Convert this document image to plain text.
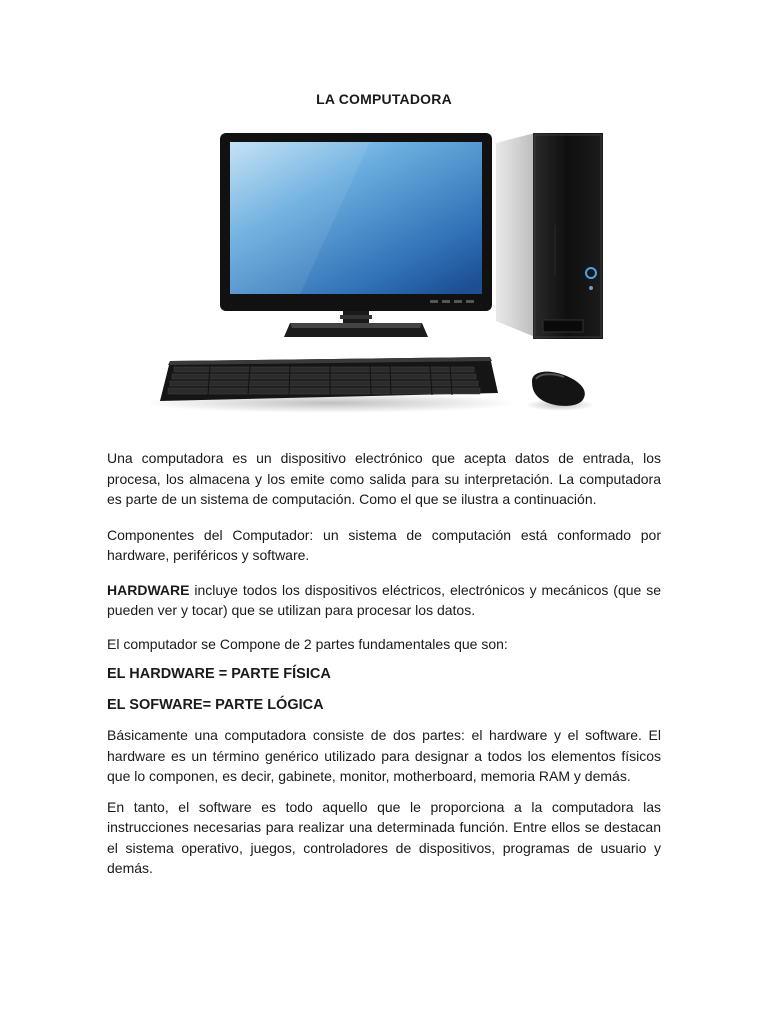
LA COMPUTADORA

Una computadora es un dispositivo electrónico que acepta datos de entrada, los procesa, los almacena y los emite como salida para su interpretación. La computadora es parte de un sistema de computación. Como el que se ilustra a continuación.

Componentes del Computador: un sistema de computación está conformado por hardware, periféricos y software.

HARDWARE incluye todos los dispositivos eléctricos, electrónicos y mecánicos (que se pueden ver y tocar) que se utilizan para procesar los datos.

El computador se Compone de 2 partes fundamentales que son:

EL HARDWARE = PARTE FÍSICA

EL SOFWARE= PARTE LÓGICA

Básicamente una computadora consiste de dos partes: el hardware y el software. El hardware es un término genérico utilizado para designar a todos los elementos físicos que lo componen, es decir, gabinete, monitor, motherboard, memoria RAM y demás.

En tanto, el software es todo aquello que le proporciona a la computadora las instrucciones necesarias para realizar una determinada función. Entre ellos se destacan el sistema operativo, juegos, controladores de dispositivos, programas de usuario y demás.
